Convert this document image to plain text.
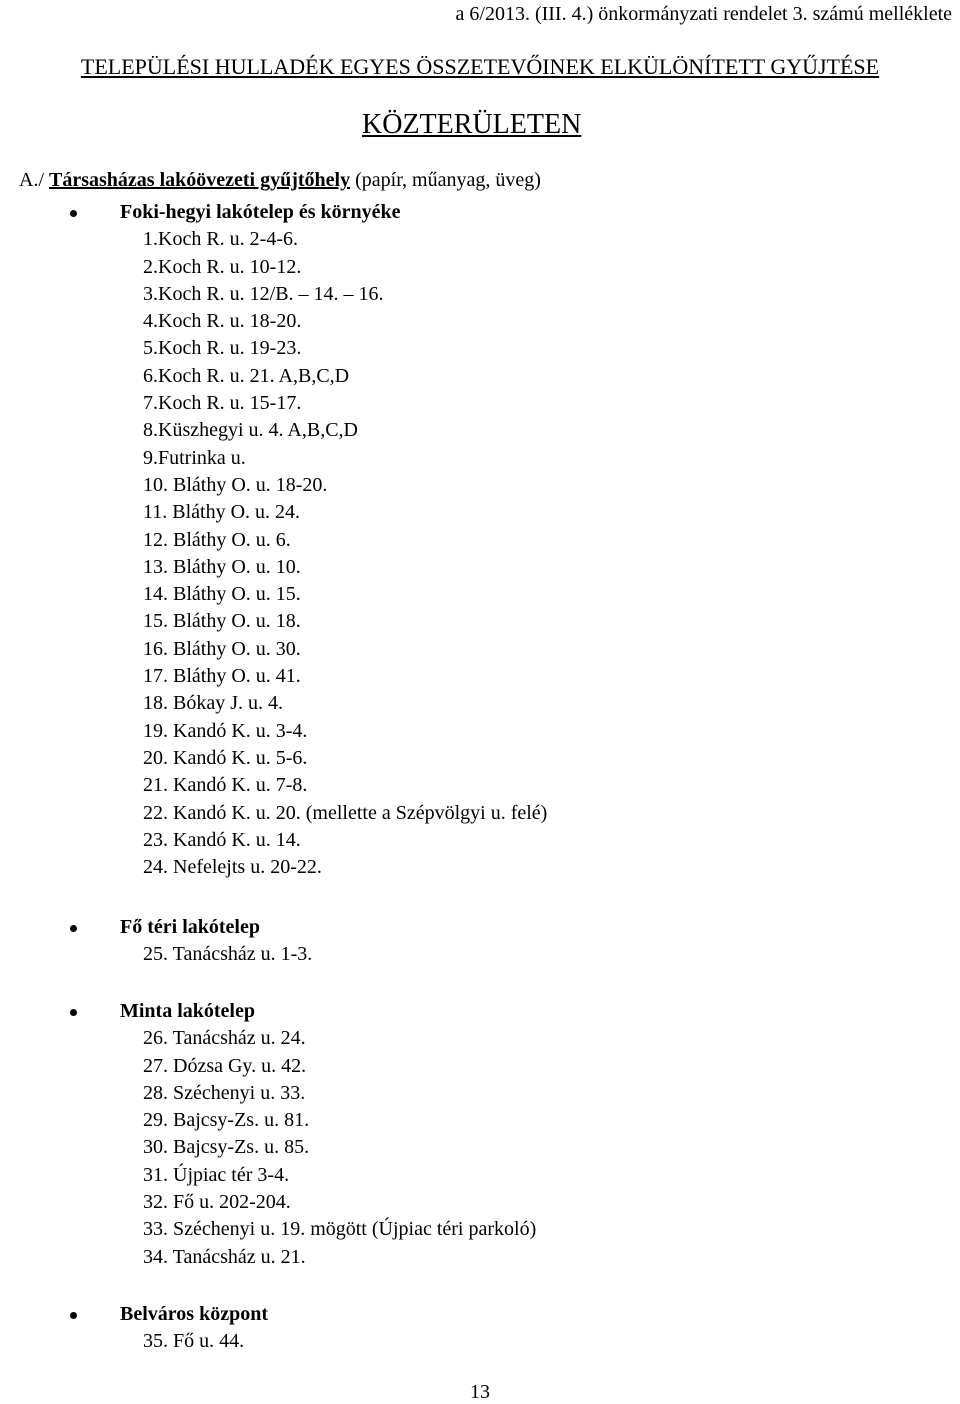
a 6/2013. (III. 4.) önkormányzati rendelet 3. számú melléklete
TELEPÜLÉSI HULLADÉK EGYES ÖSSZETEVŐINEK ELKÜLÖNÍTETT GYŰJTÉSE
KÖZTERÜLETEN
A./ Társasházas lakóövezeti gyűjtőhely (papír, műanyag, üveg)
Foki-hegyi lakótelep és környéke
1.Koch R. u. 2-4-6.
2.Koch R. u. 10-12.
3.Koch R. u. 12/B. – 14. – 16.
4.Koch R. u. 18-20.
5.Koch R. u. 19-23.
6.Koch R. u. 21. A,B,C,D
7.Koch R. u. 15-17.
8.Küszhegyi u. 4. A,B,C,D
9.Futrinka u.
10. Bláthy O. u. 18-20.
11. Bláthy O. u. 24.
12. Bláthy O. u. 6.
13. Bláthy O. u. 10.
14. Bláthy O. u. 15.
15. Bláthy O. u. 18.
16. Bláthy O. u. 30.
17. Bláthy O. u. 41.
18. Bókay J. u. 4.
19. Kandó K. u. 3-4.
20. Kandó K. u. 5-6.
21. Kandó K. u. 7-8.
22. Kandó K. u. 20. (mellette a Szépvölgyi u. felé)
23. Kandó K. u. 14.
24. Nefelejts u. 20-22.
Fő téri lakótelep
25. Tanácsház u. 1-3.
Minta lakótelep
26. Tanácsház u. 24.
27. Dózsa Gy. u. 42.
28. Széchenyi u. 33.
29. Bajcsy-Zs. u. 81.
30. Bajcsy-Zs. u. 85.
31. Újpiac tér 3-4.
32. Fő u. 202-204.
33. Széchenyi u. 19. mögött (Újpiac téri parkoló)
34. Tanácsház u. 21.
Belváros központ
35. Fő u. 44.
13
